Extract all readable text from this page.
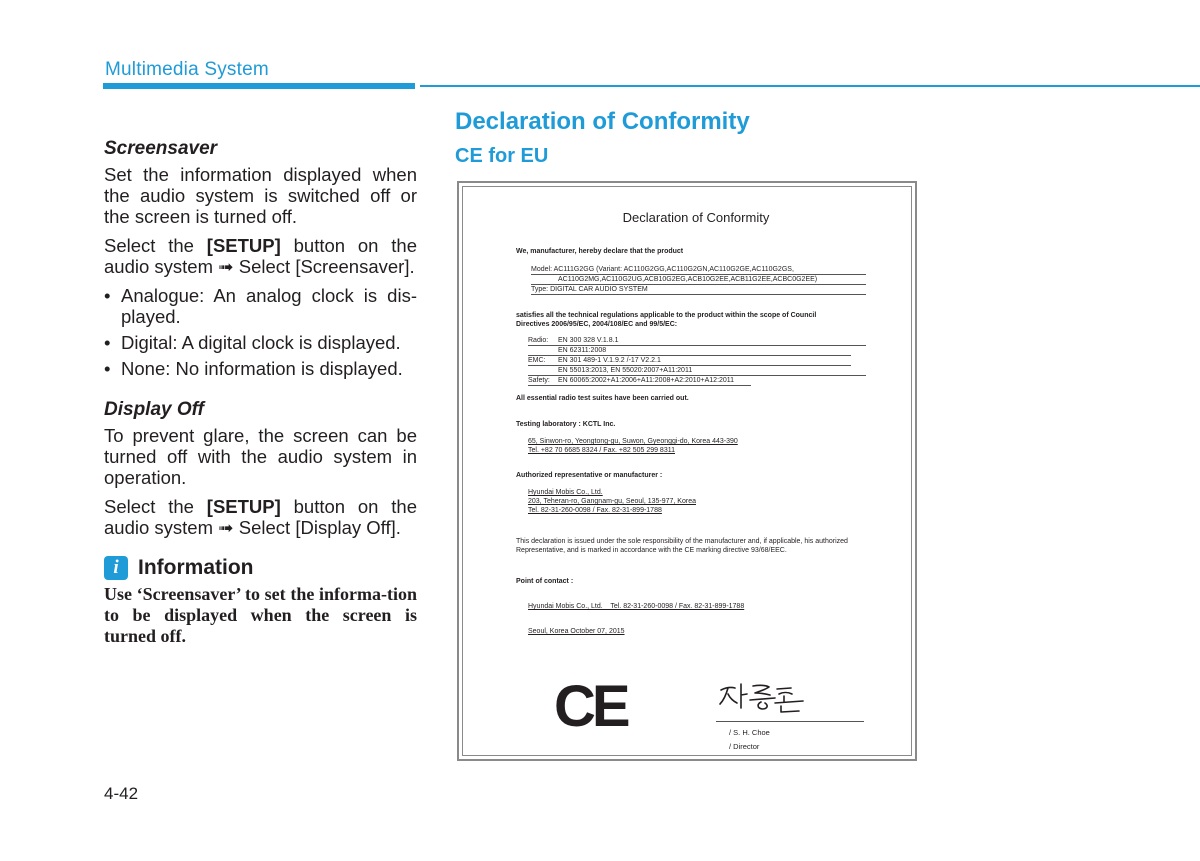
Multimedia System
Screensaver

Set the information displayed when the audio system is switched off or the screen is turned off.

Select the [SETUP] button on the audio system ➟ Select [Screensaver].

• Analogue: An analog clock is dis-played.
• Digital: A digital clock is displayed.
• None: No information is displayed.
Display Off

To prevent glare, the screen can be turned off with the audio system in operation.

Select the [SETUP] button on the audio system ➟ Select [Display Off].

i Information
Use ‘Screensaver’ to set the informa-tion to be displayed when the screen is turned off.
4-42
Declaration of Conformity
CE for EU
Declaration of Conformity
We, manufacturer, hereby declare that the product
Model: AC111G2GG (Variant: AC110G2GG,AC110G2GN,AC110G2GE,AC110G2GS,
AC110G2MG,AC110G2UG,ACB10G2EG,ACB10G2EE,ACB11G2EE,ACBC0G2EE)
Type: DIGITAL CAR AUDIO SYSTEM
satisfies all the technical regulations applicable to the product within the scope of Council Directives 2006/95/EC, 2004/108/EC and 99/5/EC:
Radio:	EN 300 328 V.1.8.1
EN 62311:2008
EMC:	EN 301 489-1 V.1.9.2 /-17 V2.2.1
EN 55013:2013, EN 55020:2007+A11:2011
Safety:	EN 60065:2002+A1:2006+A11:2008+A2:2010+A12:2011
All essential radio test suites have been carried out.
Testing laboratory : KCTL Inc.
65, Sinwon-ro, Yeongtong-gu, Suwon, Gyeonggi-do, Korea 443-390
Tel. +82 70 6685 8324 / Fax. +82 505 299 8311
Authorized representative or manufacturer :
Hyundai Mobis Co., Ltd.
203, Teheran-ro, Gangnam-gu, Seoul, 135-977, Korea
Tel. 82-31-260-0098 / Fax. 82-31-899-1788
This declaration is issued under the sole responsibility of the manufacturer and, if applicable, his authorized Representative, and is marked in accordance with the CE marking directive 93/68/EEC.
Point of contact :
Hyundai Mobis Co., Ltd.    Tel. 82-31-260-0098 / Fax. 82-31-899-1788
Seoul, Korea October 07, 2015
CE	/ S. H. Choe
/ Director
